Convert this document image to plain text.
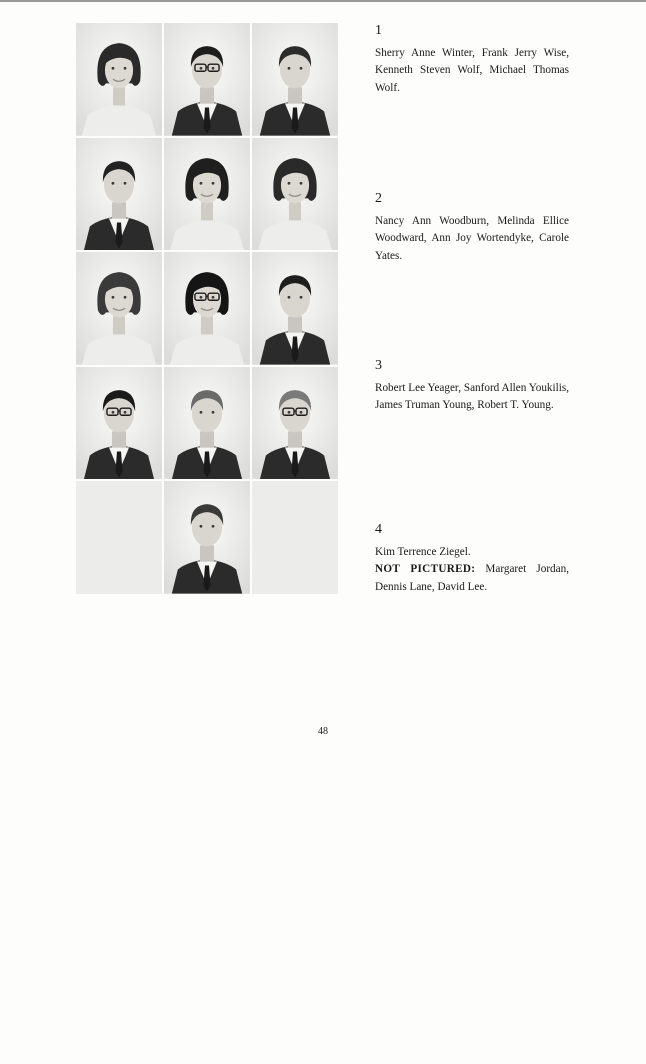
1
Sherry Anne Winter, Frank Jerry Wise, Kenneth Steven Wolf, Michael Thomas Wolf.
2
Nancy Ann Woodburn, Melinda Ellice Woodward, Ann Joy Wortendyke, Carole Yates.
3
Robert Lee Yeager, Sanford Allen Youkilis, James Truman Young, Robert T. Young.
4
Kim Terrence Ziegel.
NOT PICTURED: Margaret Jordan, Dennis Lane, David Lee.
48
